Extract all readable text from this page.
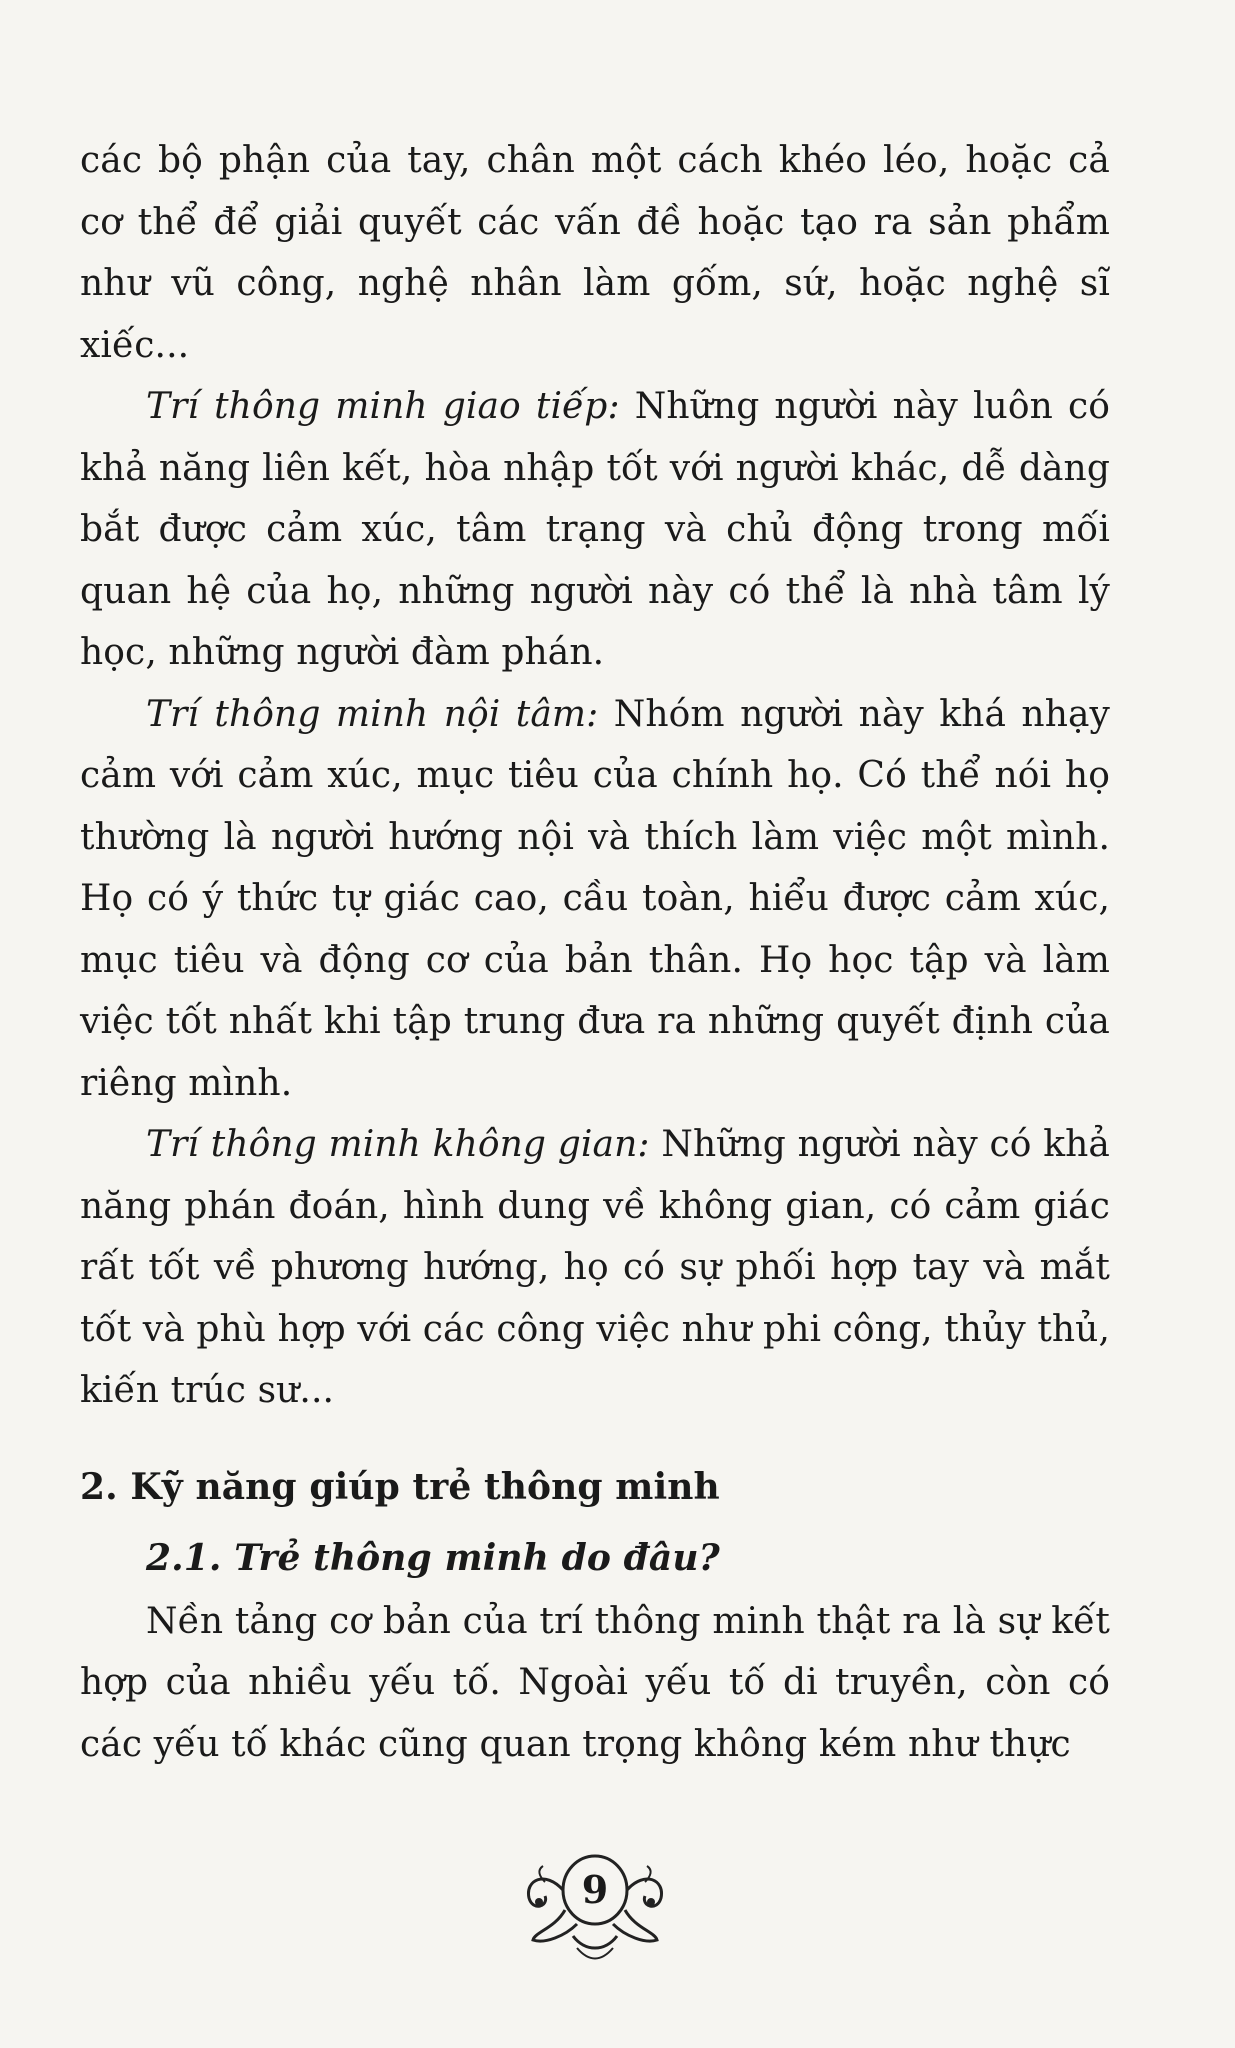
các bộ phận của tay, chân một cách khéo léo, hoặc cả cơ thể để giải quyết các vấn đề hoặc tạo ra sản phẩm như vũ công, nghệ nhân làm gốm, sứ, hoặc nghệ sĩ xiếc...

Trí thông minh giao tiếp: Những người này luôn có khả năng liên kết, hòa nhập tốt với người khác, dễ dàng bắt được cảm xúc, tâm trạng và chủ động trong mối quan hệ của họ, những người này có thể là nhà tâm lý học, những người đàm phán.

Trí thông minh nội tâm: Nhóm người này khá nhạy cảm với cảm xúc, mục tiêu của chính họ. Có thể nói họ thường là người hướng nội và thích làm việc một mình. Họ có ý thức tự giác cao, cầu toàn, hiểu được cảm xúc, mục tiêu và động cơ của bản thân. Họ học tập và làm việc tốt nhất khi tập trung đưa ra những quyết định của riêng mình.

Trí thông minh không gian: Những người này có khả năng phán đoán, hình dung về không gian, có cảm giác rất tốt về phương hướng, họ có sự phối hợp tay và mắt tốt và phù hợp với các công việc như phi công, thủy thủ, kiến trúc sư...

2. Kỹ năng giúp trẻ thông minh

2.1. Trẻ thông minh do đâu?

Nền tảng cơ bản của trí thông minh thật ra là sự kết hợp của nhiều yếu tố. Ngoài yếu tố di truyền, còn có các yếu tố khác cũng quan trọng không kém như thực

9
